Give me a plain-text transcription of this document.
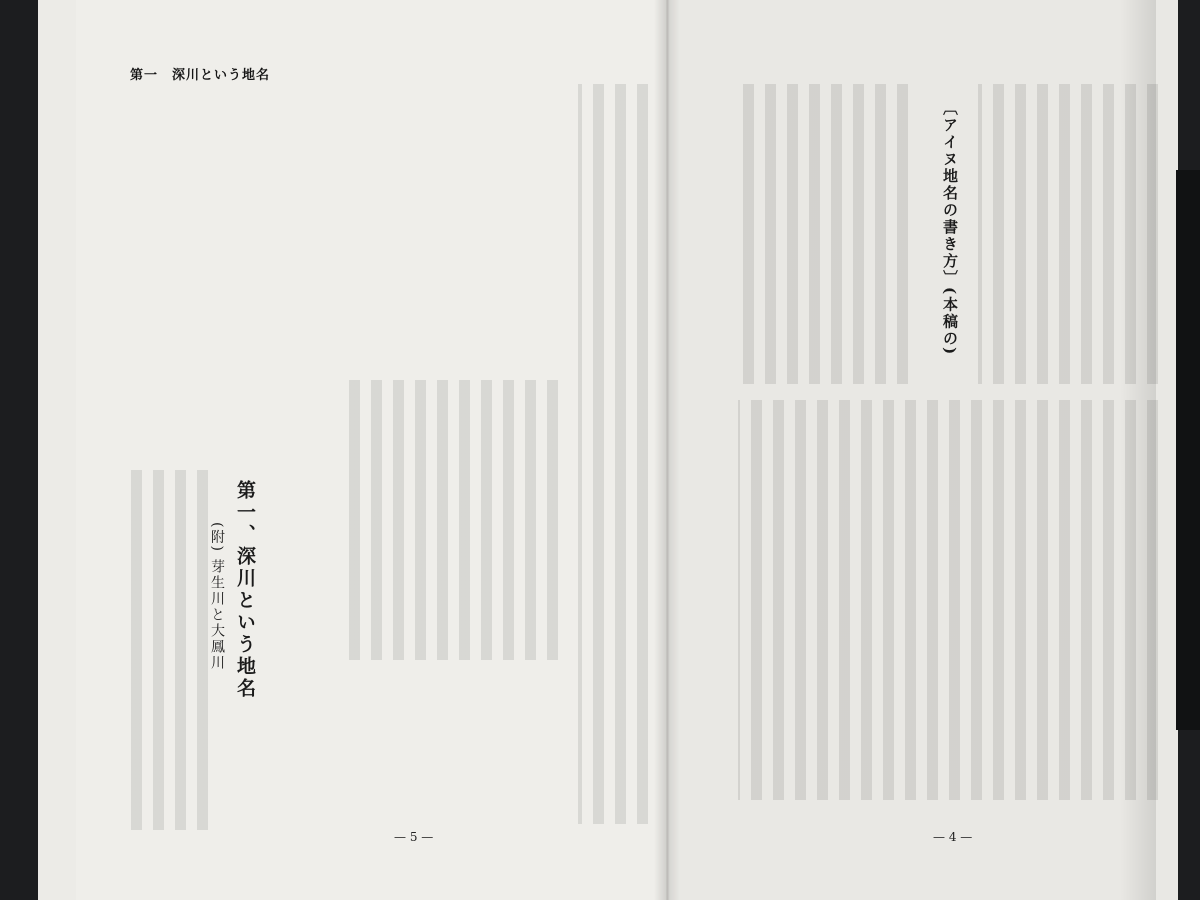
第一　深川という地名
第一、深川という地名
(附) 芽生川と大鳳川
〔アイヌ地名の書き方〕(本稿の)
— 5 —	— 4 —
